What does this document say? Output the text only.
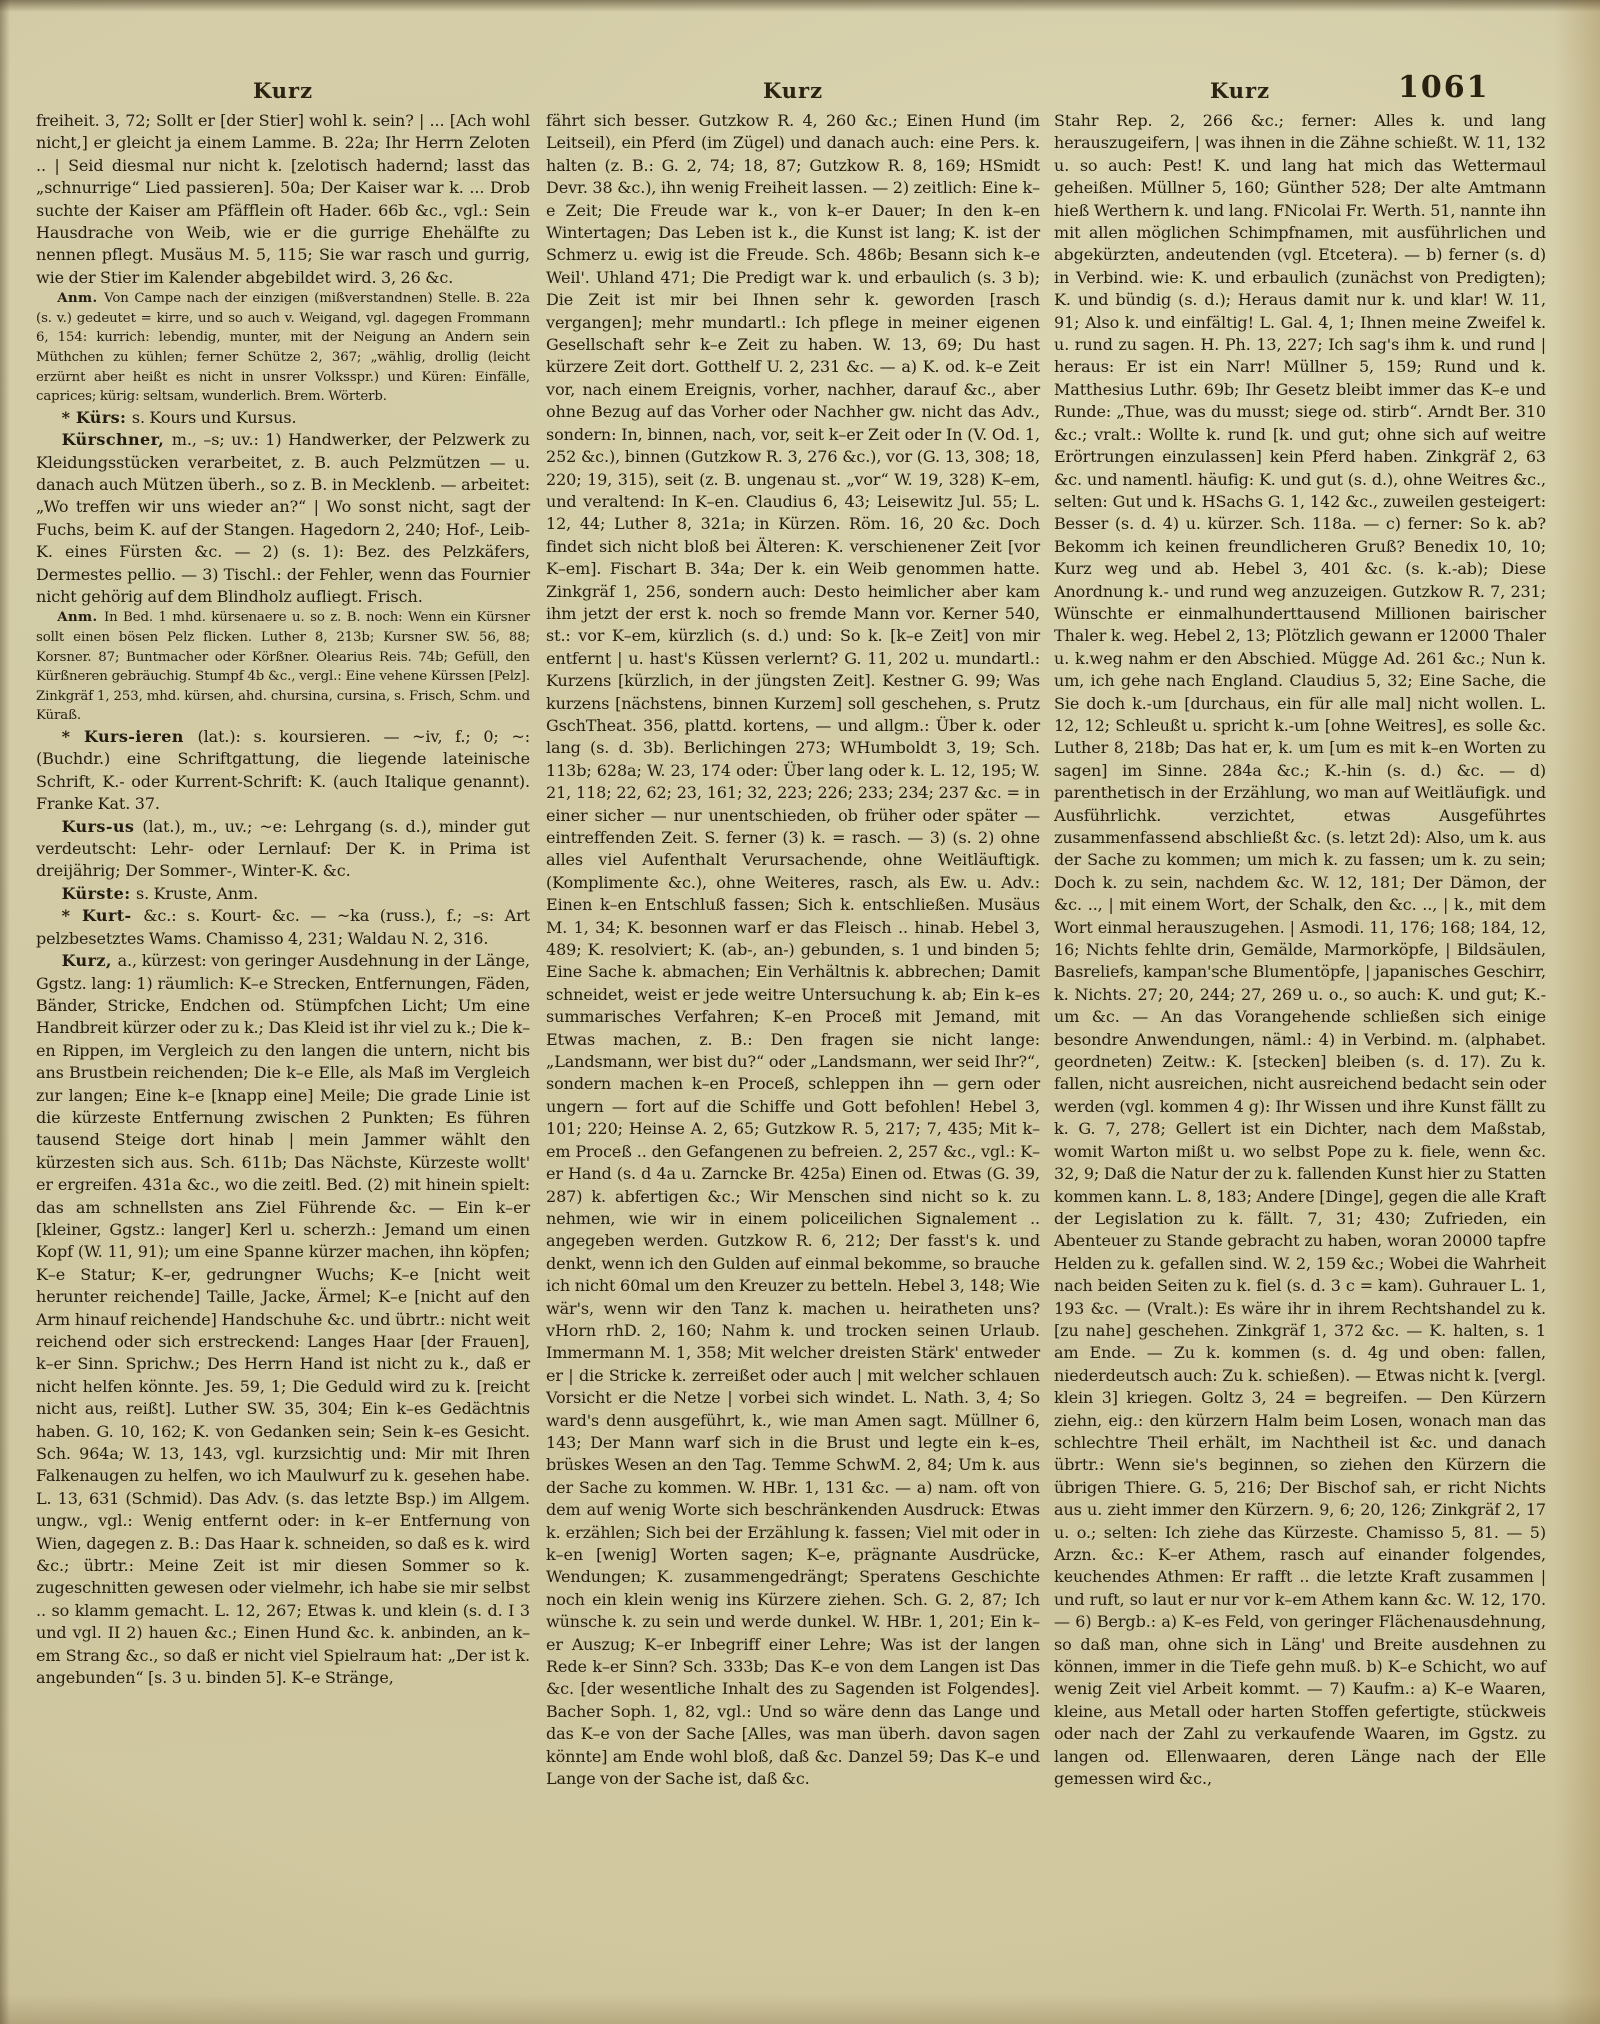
Kurz	Kurz	Kurz	1061
freiheit. 3, 72; Sollt er [der Stier] wohl k. sein? | ... [Ach wohl nicht,] er gleicht ja einem Lamme. B. 22a; Ihr Herrn Zeloten .. | Seid diesmal nur nicht k. [zelotisch hadernd; lasst das „schnurrige“ Lied passieren]. 50a; Der Kaiser war k. ... Drob suchte der Kaiser am Pfäfflein oft Hader. 66b &c., vgl.: Sein Hausdrache von Weib, wie er die gurrige Ehehälfte zu nennen pflegt. Musäus M. 5, 115; Sie war rasch und gurrig, wie der Stier im Kalender abgebildet wird. 3, 26 &c.
Anm. Von Campe nach der einzigen (mißverstandnen) Stelle. B. 22a (s. v.) gedeutet = kirre, und so auch v. Weigand, vgl. dagegen Frommann 6, 154: kurrich: lebendig, munter, mit der Neigung an Andern sein Müthchen zu kühlen; ferner Schütze 2, 367; „wählig, drollig (leicht erzürnt aber heißt es nicht in unsrer Volksspr.) und Küren: Einfälle, caprices; kürig: seltsam, wunderlich. Brem. Wörterb.
* Kürs: s. Kours und Kursus.
Kürschner, m., –s; uv.: 1) Handwerker, der Pelzwerk zu Kleidungsstücken verarbeitet, z. B. auch Pelzmützen — u. danach auch Mützen überh., so z. B. in Mecklenb. — arbeitet: „Wo treffen wir uns wieder an?“ | Wo sonst nicht, sagt der Fuchs, beim K. auf der Stangen. Hagedorn 2, 240; Hof-, Leib-K. eines Fürsten &c. — 2) (s. 1): Bez. des Pelzkäfers, Dermestes pellio. — 3) Tischl.: der Fehler, wenn das Fournier nicht gehörig auf dem Blindholz aufliegt. Frisch.
Anm. In Bed. 1 mhd. kürsenaere u. so z. B. noch: Wenn ein Kürsner sollt einen bösen Pelz flicken. Luther 8, 213b; Kursner SW. 56, 88; Korsner. 87; Buntmacher oder Körßner. Olearius Reis. 74b; Gefüll, den Kürßneren gebräuchig. Stumpf 4b &c., vergl.: Eine vehene Kürssen [Pelz]. Zinkgräf 1, 253, mhd. kürsen, ahd. chursina, cursina, s. Frisch, Schm. und Küraß.
* Kurs-ieren (lat.): s. koursieren. — ~iv, f.; 0; ~: (Buchdr.) eine Schriftgattung, die liegende lateinische Schrift, K.- oder Kurrent-Schrift: K. (auch Italique genannt). Franke Kat. 37.
Kurs-us (lat.), m., uv.; ~e: Lehrgang (s. d.), minder gut verdeutscht: Lehr- oder Lernlauf: Der K. in Prima ist dreijährig; Der Sommer-, Winter-K. &c.
Kürste: s. Kruste, Anm.
* Kurt- &c.: s. Kourt- &c. — ~ka (russ.), f.; –s: Art pelzbesetztes Wams. Chamisso 4, 231; Waldau N. 2, 316.
Kurz, a., kürzest: von geringer Ausdehnung in der Länge, Ggstz. lang: 1) räumlich: K–e Strecken, Entfernungen, Fäden, Bänder, Stricke, Endchen od. Stümpfchen Licht; Um eine Handbreit kürzer oder zu k.; Das Kleid ist ihr viel zu k.; Die k–en Rippen, im Vergleich zu den langen die untern, nicht bis ans Brustbein reichenden; Die k–e Elle, als Maß im Vergleich zur langen; Eine k–e [knapp eine] Meile; Die grade Linie ist die kürzeste Entfernung zwischen 2 Punkten; Es führen tausend Steige dort hinab | mein Jammer wählt den kürzesten sich aus. Sch. 611b; Das Nächste, Kürzeste wollt' er ergreifen. 431a &c., wo die zeitl. Bed. (2) mit hinein spielt: das am schnellsten ans Ziel Führende &c. — Ein k–er [kleiner, Ggstz.: langer] Kerl u. scherzh.: Jemand um einen Kopf (W. 11, 91); um eine Spanne kürzer machen, ihn köpfen; K–e Statur; K–er, gedrungner Wuchs; K–e [nicht weit herunter reichende] Taille, Jacke, Ärmel; K–e [nicht auf den Arm hinauf reichende] Handschuhe &c. und übrtr.: nicht weit reichend oder sich erstreckend: Langes Haar [der Frauen], k–er Sinn. Sprichw.; Des Herrn Hand ist nicht zu k., daß er nicht helfen könnte. Jes. 59, 1; Die Geduld wird zu k. [reicht nicht aus, reißt]. Luther SW. 35, 304; Ein k–es Gedächtnis haben. G. 10, 162; K. von Gedanken sein; Sein k–es Gesicht. Sch. 964a; W. 13, 143, vgl. kurzsichtig und: Mir mit Ihren Falkenaugen zu helfen, wo ich Maulwurf zu k. gesehen habe. L. 13, 631 (Schmid). Das Adv. (s. das letzte Bsp.) im Allgem. ungw., vgl.: Wenig entfernt oder: in k–er Entfernung von Wien, dagegen z. B.: Das Haar k. schneiden, so daß es k. wird &c.; übrtr.: Meine Zeit ist mir diesen Sommer so k. zugeschnitten gewesen oder vielmehr, ich habe sie mir selbst .. so klamm gemacht. L. 12, 267; Etwas k. und klein (s. d. I 3 und vgl. II 2) hauen &c.; Einen Hund &c. k. anbinden, an k–em Strang &c., so daß er nicht viel Spielraum hat: „Der ist k. angebunden“ [s. 3 u. binden 5]. K–e Stränge,
fährt sich besser. Gutzkow R. 4, 260 &c.; Einen Hund (im Leitseil), ein Pferd (im Zügel) und danach auch: eine Pers. k. halten (z. B.: G. 2, 74; 18, 87; Gutzkow R. 8, 169; HSmidt Devr. 38 &c.), ihn wenig Freiheit lassen. — 2) zeitlich: Eine k–e Zeit; Die Freude war k., von k–er Dauer; In den k–en Wintertagen; Das Leben ist k., die Kunst ist lang; K. ist der Schmerz u. ewig ist die Freude. Sch. 486b; Besann sich k–e Weil'. Uhland 471; Die Predigt war k. und erbaulich (s. 3 b); Die Zeit ist mir bei Ihnen sehr k. geworden [rasch vergangen]; mehr mundartl.: Ich pflege in meiner eigenen Gesellschaft sehr k–e Zeit zu haben. W. 13, 69; Du hast kürzere Zeit dort. Gotthelf U. 2, 231 &c. — a) K. od. k–e Zeit vor, nach einem Ereignis, vorher, nachher, darauf &c., aber ohne Bezug auf das Vorher oder Nachher gw. nicht das Adv., sondern: In, binnen, nach, vor, seit k–er Zeit oder In (V. Od. 1, 252 &c.), binnen (Gutzkow R. 3, 276 &c.), vor (G. 13, 308; 18, 220; 19, 315), seit (z. B. ungenau st. „vor“ W. 19, 328) K–em, und veraltend: In K–en. Claudius 6, 43; Leisewitz Jul. 55; L. 12, 44; Luther 8, 321a; in Kürzen. Röm. 16, 20 &c. Doch findet sich nicht bloß bei Älteren: K. verschienener Zeit [vor K–em]. Fischart B. 34a; Der k. ein Weib genommen hatte. Zinkgräf 1, 256, sondern auch: Desto heimlicher aber kam ihm jetzt der erst k. noch so fremde Mann vor. Kerner 540, st.: vor K–em, kürzlich (s. d.) und: So k. [k–e Zeit] von mir entfernt | u. hast's Küssen verlernt? G. 11, 202 u. mundartl.: Kurzens [kürzlich, in der jüngsten Zeit]. Kestner G. 99; Was kurzens [nächstens, binnen Kurzem] soll geschehen, s. Prutz GschTheat. 356, plattd. kortens, — und allgm.: Über k. oder lang (s. d. 3b). Berlichingen 273; WHumboldt 3, 19; Sch. 113b; 628a; W. 23, 174 oder: Über lang oder k. L. 12, 195; W. 21, 118; 22, 62; 23, 161; 32, 223; 226; 233; 234; 237 &c. = in einer sicher — nur unentschieden, ob früher oder später — eintreffenden Zeit. S. ferner (3) k. = rasch. — 3) (s. 2) ohne alles viel Aufenthalt Verursachende, ohne Weitläuftigk. (Komplimente &c.), ohne Weiteres, rasch, als Ew. u. Adv.: Einen k–en Entschluß fassen; Sich k. entschließen. Musäus M. 1, 34; K. besonnen warf er das Fleisch .. hinab. Hebel 3, 489; K. resolviert; K. (ab-, an-) gebunden, s. 1 und binden 5; Eine Sache k. abmachen; Ein Verhältnis k. abbrechen; Damit schneidet, weist er jede weitre Untersuchung k. ab; Ein k–es summarisches Verfahren; K–en Proceß mit Jemand, mit Etwas machen, z. B.: Den fragen sie nicht lange: „Landsmann, wer bist du?“ oder „Landsmann, wer seid Ihr?“, sondern machen k–en Proceß, schleppen ihn — gern oder ungern — fort auf die Schiffe und Gott befohlen! Hebel 3, 101; 220; Heinse A. 2, 65; Gutzkow R. 5, 217; 7, 435; Mit k–em Proceß .. den Gefangenen zu befreien. 2, 257 &c., vgl.: K–er Hand (s. d 4a u. Zarncke Br. 425a) Einen od. Etwas (G. 39, 287) k. abfertigen &c.; Wir Menschen sind nicht so k. zu nehmen, wie wir in einem policeilichen Signalement .. angegeben werden. Gutzkow R. 6, 212; Der fasst's k. und denkt, wenn ich den Gulden auf einmal bekomme, so brauche ich nicht 60mal um den Kreuzer zu betteln. Hebel 3, 148; Wie wär's, wenn wir den Tanz k. machen u. heiratheten uns? vHorn rhD. 2, 160; Nahm k. und trocken seinen Urlaub. Immermann M. 1, 358; Mit welcher dreisten Stärk' entweder er | die Stricke k. zerreißet oder auch | mit welcher schlauen Vorsicht er die Netze | vorbei sich windet. L. Nath. 3, 4; So ward's denn ausgeführt, k., wie man Amen sagt. Müllner 6, 143; Der Mann warf sich in die Brust und legte ein k–es, brüskes Wesen an den Tag. Temme SchwM. 2, 84; Um k. aus der Sache zu kommen. W. HBr. 1, 131 &c. — a) nam. oft von dem auf wenig Worte sich beschränkenden Ausdruck: Etwas k. erzählen; Sich bei der Erzählung k. fassen; Viel mit oder in k–en [wenig] Worten sagen; K–e, prägnante Ausdrücke, Wendungen; K. zusammengedrängt; Speratens Geschichte noch ein klein wenig ins Kürzere ziehen. Sch. G. 2, 87; Ich wünsche k. zu sein und werde dunkel. W. HBr. 1, 201; Ein k–er Auszug; K–er Inbegriff einer Lehre; Was ist der langen Rede k–er Sinn? Sch. 333b; Das K–e von dem Langen ist Das &c. [der wesentliche Inhalt des zu Sagenden ist Folgendes]. Bacher Soph. 1, 82, vgl.: Und so wäre denn das Lange und das K–e von der Sache [Alles, was man überh. davon sagen könnte] am Ende wohl bloß, daß &c. Danzel 59; Das K–e und Lange von der Sache ist, daß &c.
Stahr Rep. 2, 266 &c.; ferner: Alles k. und lang herauszugeifern, | was ihnen in die Zähne schießt. W. 11, 132 u. so auch: Pest! K. und lang hat mich das Wettermaul geheißen. Müllner 5, 160; Günther 528; Der alte Amtmann hieß Werthern k. und lang. FNicolai Fr. Werth. 51, nannte ihn mit allen möglichen Schimpfnamen, mit ausführlichen und abgekürzten, andeutenden (vgl. Etcetera). — b) ferner (s. d) in Verbind. wie: K. und erbaulich (zunächst von Predigten); K. und bündig (s. d.); Heraus damit nur k. und klar! W. 11, 91; Also k. und einfältig! L. Gal. 4, 1; Ihnen meine Zweifel k. u. rund zu sagen. H. Ph. 13, 227; Ich sag's ihm k. und rund | heraus: Er ist ein Narr! Müllner 5, 159; Rund und k. Matthesius Luthr. 69b; Ihr Gesetz bleibt immer das K–e und Runde: „Thue, was du musst; siege od. stirb“. Arndt Ber. 310 &c.; vralt.: Wollte k. rund [k. und gut; ohne sich auf weitre Erörtrungen einzulassen] kein Pferd haben. Zinkgräf 2, 63 &c. und namentl. häufig: K. und gut (s. d.), ohne Weitres &c., selten: Gut und k. HSachs G. 1, 142 &c., zuweilen gesteigert: Besser (s. d. 4) u. kürzer. Sch. 118a. — c) ferner: So k. ab? Bekomm ich keinen freundlicheren Gruß? Benedix 10, 10; Kurz weg und ab. Hebel 3, 401 &c. (s. k.-ab); Diese Anordnung k.- und rund weg anzuzeigen. Gutzkow R. 7, 231; Wünschte er einmalhunderttausend Millionen bairischer Thaler k. weg. Hebel 2, 13; Plötzlich gewann er 12000 Thaler u. k.weg nahm er den Abschied. Mügge Ad. 261 &c.; Nun k. um, ich gehe nach England. Claudius 5, 32; Eine Sache, die Sie doch k.-um [durchaus, ein für alle mal] nicht wollen. L. 12, 12; Schleußt u. spricht k.-um [ohne Weitres], es solle &c. Luther 8, 218b; Das hat er, k. um [um es mit k–en Worten zu sagen] im Sinne. 284a &c.; K.-hin (s. d.) &c. — d) parenthetisch in der Erzählung, wo man auf Weitläufigk. und Ausführlichk. verzichtet, etwas Ausgeführtes zusammenfassend abschließt &c. (s. letzt 2d): Also, um k. aus der Sache zu kommen; um mich k. zu fassen; um k. zu sein; Doch k. zu sein, nachdem &c. W. 12, 181; Der Dämon, der &c. .., | mit einem Wort, der Schalk, den &c. .., | k., mit dem Wort einmal herauszugehen. | Asmodi. 11, 176; 168; 184, 12, 16; Nichts fehlte drin, Gemälde, Marmorköpfe, | Bildsäulen, Basreliefs, kampan'sche Blumentöpfe, | japanisches Geschirr, k. Nichts. 27; 20, 244; 27, 269 u. o., so auch: K. und gut; K.-um &c. — An das Vorangehende schließen sich einige besondre Anwendungen, näml.: 4) in Verbind. m. (alphabet. geordneten) Zeitw.: K. [stecken] bleiben (s. d. 17). Zu k. fallen, nicht ausreichen, nicht ausreichend bedacht sein oder werden (vgl. kommen 4 g): Ihr Wissen und ihre Kunst fällt zu k. G. 7, 278; Gellert ist ein Dichter, nach dem Maßstab, womit Warton mißt u. wo selbst Pope zu k. fiele, wenn &c. 32, 9; Daß die Natur der zu k. fallenden Kunst hier zu Statten kommen kann. L. 8, 183; Andere [Dinge], gegen die alle Kraft der Legislation zu k. fällt. 7, 31; 430; Zufrieden, ein Abenteuer zu Stande gebracht zu haben, woran 20000 tapfre Helden zu k. gefallen sind. W. 2, 159 &c.; Wobei die Wahrheit nach beiden Seiten zu k. fiel (s. d. 3 c = kam). Guhrauer L. 1, 193 &c. — (Vralt.): Es wäre ihr in ihrem Rechtshandel zu k. [zu nahe] geschehen. Zinkgräf 1, 372 &c. — K. halten, s. 1 am Ende. — Zu k. kommen (s. d. 4g und oben: fallen, niederdeutsch auch: Zu k. schießen). — Etwas nicht k. [vergl. klein 3] kriegen. Goltz 3, 24 = begreifen. — Den Kürzern ziehn, eig.: den kürzern Halm beim Losen, wonach man das schlechtre Theil erhält, im Nachtheil ist &c. und danach übrtr.: Wenn sie's beginnen, so ziehen den Kürzern die übrigen Thiere. G. 5, 216; Der Bischof sah, er richt Nichts aus u. zieht immer den Kürzern. 9, 6; 20, 126; Zinkgräf 2, 17 u. o.; selten: Ich ziehe das Kürzeste. Chamisso 5, 81. — 5) Arzn. &c.: K–er Athem, rasch auf einander folgendes, keuchendes Athmen: Er rafft .. die letzte Kraft zusammen | und ruft, so laut er nur vor k–em Athem kann &c. W. 12, 170. — 6) Bergb.: a) K–es Feld, von geringer Flächenausdehnung, so daß man, ohne sich in Läng' und Breite ausdehnen zu können, immer in die Tiefe gehn muß. b) K–e Schicht, wo auf wenig Zeit viel Arbeit kommt. — 7) Kaufm.: a) K–e Waaren, kleine, aus Metall oder harten Stoffen gefertigte, stückweis oder nach der Zahl zu verkaufende Waaren, im Ggstz. zu langen od. Ellenwaaren, deren Länge nach der Elle gemessen wird &c.,
